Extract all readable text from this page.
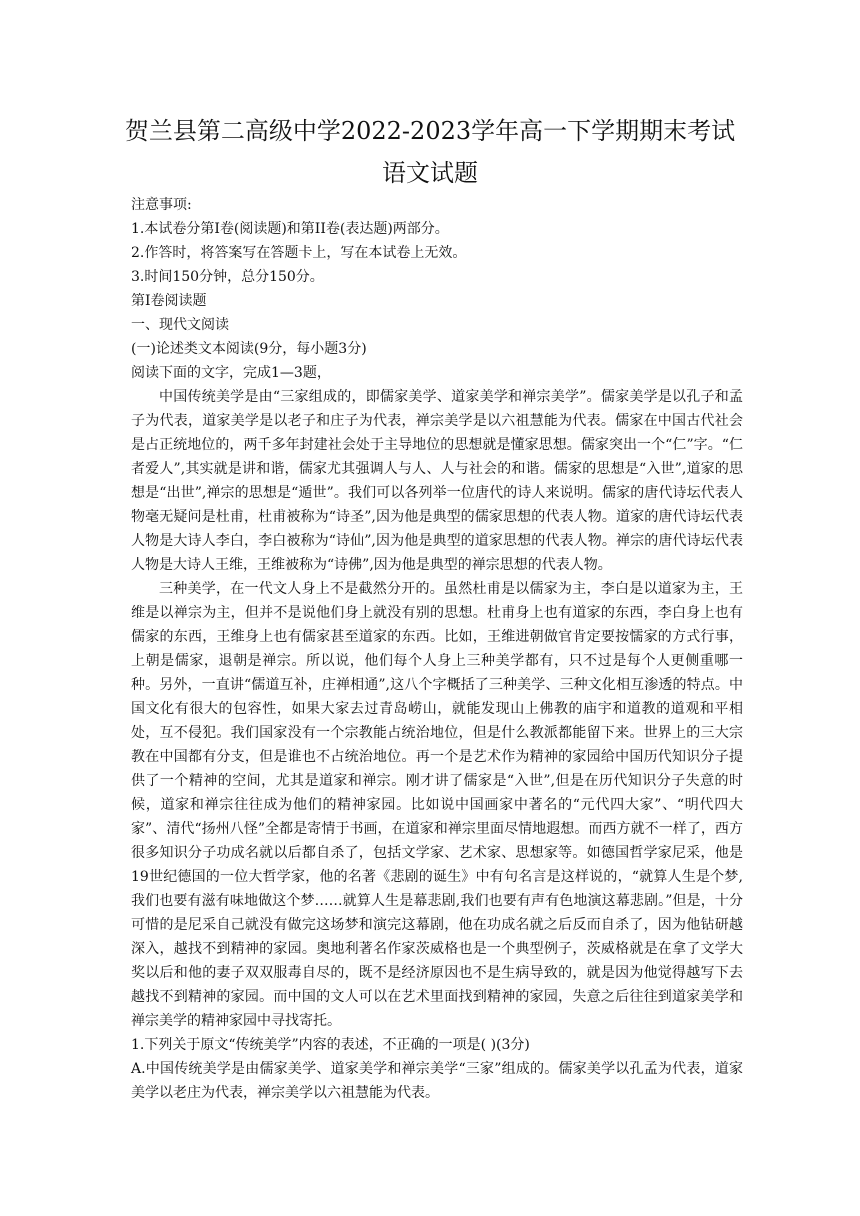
贺兰县第二高级中学2022-2023学年高一下学期期末考试
语文试题

注意事项:

1.本试卷分第I卷(阅读题)和第II卷(表达题)两部分。

2.作答时，将答案写在答题卡上，写在本试卷上无效。

3.时间150分钟，总分150分。

第I卷阅读题

一、现代文阅读

(一)论述类文本阅读(9分，每小题3分)

阅读下面的文字，完成1—3题，

中国传统美学是由“三家组成的，即儒家美学、道家美学和禅宗美学”。儒家美学是以孔子和孟子为代表，道家美学是以老子和庄子为代表，禅宗美学是以六祖慧能为代表。儒家在中国古代社会是占正统地位的，两千多年封建社会处于主导地位的思想就是懂家思想。儒家突出一个“仁”字。“仁者爱人”,其实就是讲和谐，儒家尤其强调人与人、人与社会的和谐。儒家的思想是“入世”,道家的思想是“出世”,禅宗的思想是“遁世”。我们可以各列举一位唐代的诗人来说明。儒家的唐代诗坛代表人物毫无疑问是杜甫，杜甫被称为“诗圣”,因为他是典型的儒家思想的代表人物。道家的唐代诗坛代表人物是大诗人李白，李白被称为“诗仙”,因为他是典型的道家思想的代表人物。禅宗的唐代诗坛代表人物是大诗人王维，王维被称为“诗佛”,因为他是典型的禅宗思想的代表人物。

三种美学，在一代文人身上不是截然分开的。虽然杜甫是以儒家为主，李白是以道家为主，王维是以禅宗为主，但并不是说他们身上就没有别的思想。杜甫身上也有道家的东西，李白身上也有儒家的东西，王维身上也有儒家甚至道家的东西。比如，王维进朝做官肯定要按懦家的方式行事，上朝是儒家，退朝是禅宗。所以说，他们每个人身上三种美学都有，只不过是每个人更侧重哪一种。另外，一直讲“儒道互补，庄禅相通”,这八个字概括了三种美学、三种文化相互渗透的特点。中国文化有很大的包容性，如果大家去过青岛崂山，就能发现山上佛教的庙宇和道教的道观和平相处，互不侵犯。我们国家没有一个宗教能占统治地位，但是什么教派都能留下来。世界上的三大宗教在中国都有分支，但是谁也不占统治地位。再一个是艺术作为精神的家园给中国历代知识分子提供了一个精神的空间，尤其是道家和禅宗。刚才讲了儒家是“入世”,但是在历代知识分子失意的时候，道家和禅宗往往成为他们的精神家园。比如说中国画家中著名的“元代四大家”、“明代四大家”、清代“扬州八怪”全都是寄情于书画，在道家和禅宗里面尽情地遐想。而西方就不一样了，西方很多知识分子功成名就以后都自杀了，包括文学家、艺术家、思想家等。如德国哲学家尼采，他是19世纪德国的一位大哲学家，他的名著《悲剧的诞生》中有句名言是这样说的，“就算人生是个梦,我们也要有滋有味地做这个梦……就算人生是幕悲剧,我们也要有声有色地演这幕悲剧。”但是，十分可惜的是尼采自己就没有做完这场梦和演完这幕剧，他在功成名就之后反而自杀了，因为他钻研越深入，越找不到精神的家园。奥地利著名作家茨威格也是一个典型例子，茨威格就是在拿了文学大奖以后和他的妻子双双服毒自尽的，既不是经济原因也不是生病导致的，就是因为他觉得越写下去越找不到精神的家园。而中国的文人可以在艺术里面找到精神的家园，失意之后往往到道家美学和禅宗美学的精神家园中寻找寄托。

1.下列关于原文“传统美学”内容的表述，不正确的一项是( )(3分)

A.中国传统美学是由儒家美学、道家美学和禅宗美学“三家”组成的。儒家美学以孔孟为代表，道家美学以老庄为代表，禅宗美学以六祖慧能为代表。
